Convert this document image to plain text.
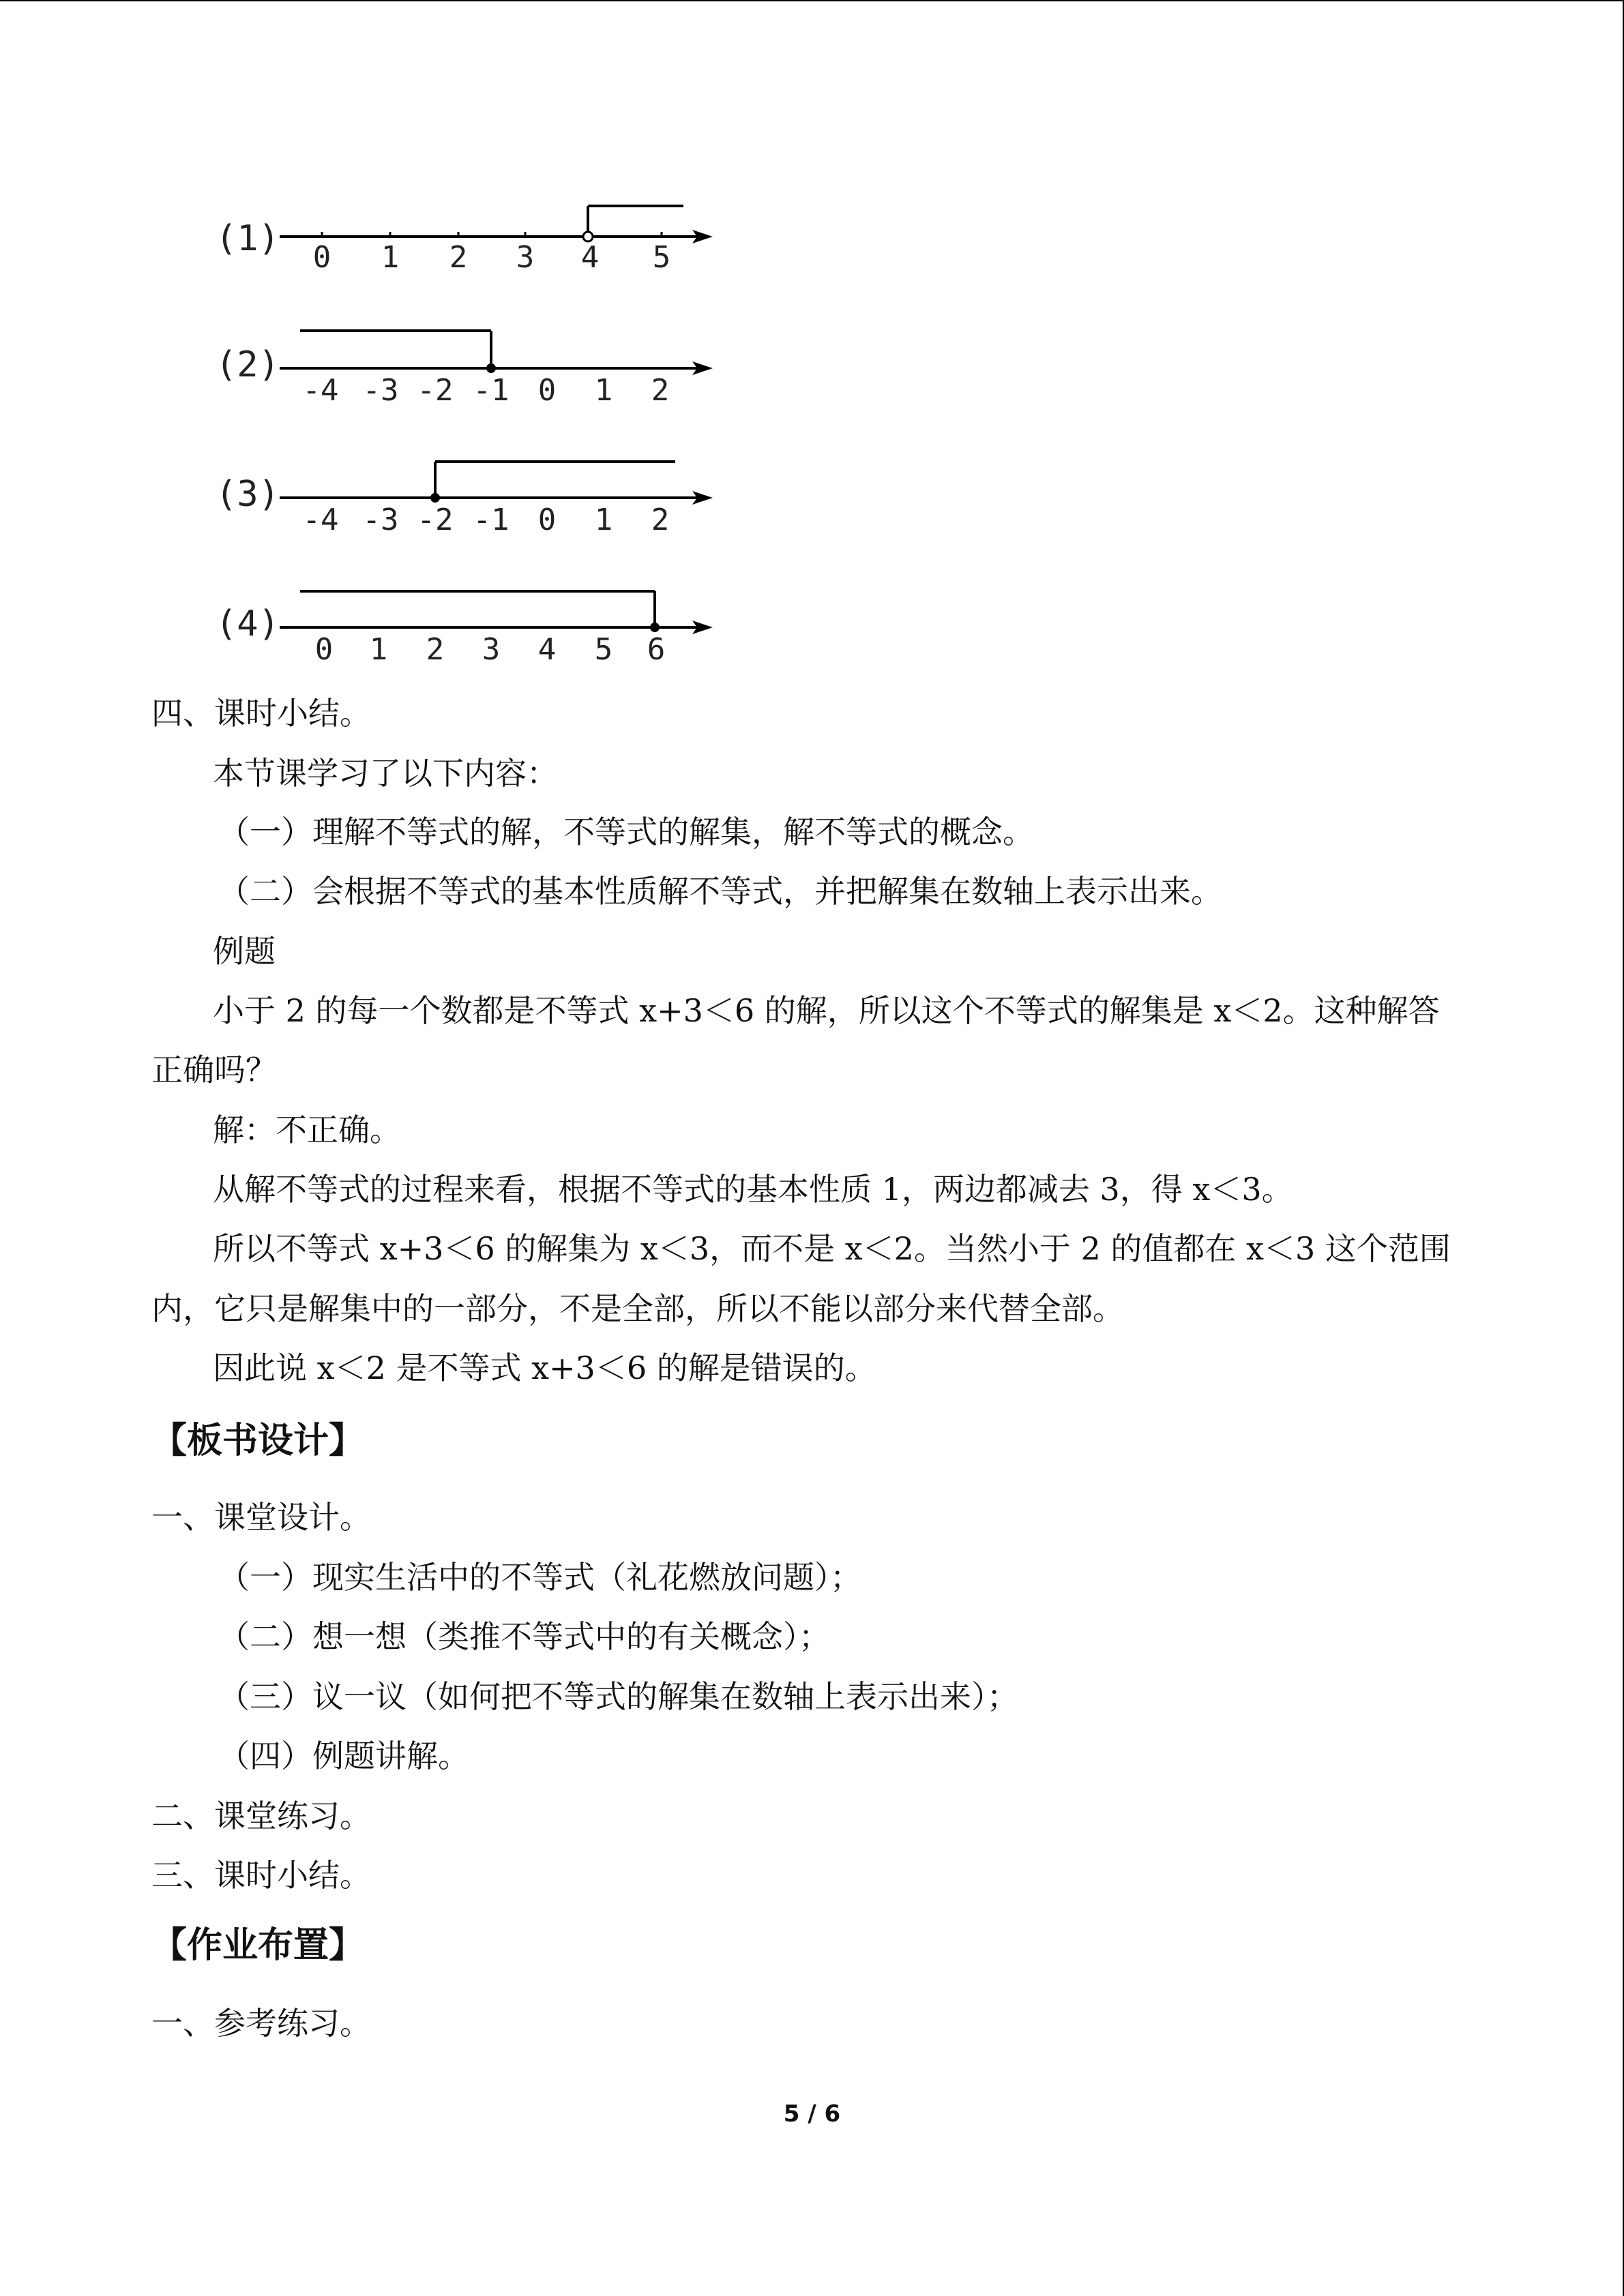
(1) 0 1 2 3 4 5
(2)
-4 -3 -2 -1 0 1 2
(3)
-4 -3 -2 -1 0 1 2
(4)
0 1 2 3 4 5 6
四、课时小结。
本节课学习了以下内容：
（一）理解不等式的解，不等式的解集，解不等式的概念。
（二）会根据不等式的基本性质解不等式，并把解集在数轴上表示出来。
例题
小于 2 的每一个数都是不等式 x+3＜6 的解，所以这个不等式的解集是 x＜2。这种解答
正确吗？
解：不正确。
从解不等式的过程来看，根据不等式的基本性质 1，两边都减去 3，得 x＜3。
所以不等式 x+3＜6 的解集为 x＜3，而不是 x＜2。当然小于 2 的值都在 x＜3 这个范围
内，它只是解集中的一部分，不是全部，所以不能以部分来代替全部。
因此说 x＜2 是不等式 x+3＜6 的解是错误的。
【板书设计】
一、课堂设计。
（一）现实生活中的不等式（礼花燃放问题）；
（二）想一想（类推不等式中的有关概念）；
（三）议一议（如何把不等式的解集在数轴上表示出来）；
（四）例题讲解。
二、课堂练习。
三、课时小结。
【作业布置】
一、参考练习。
5 / 6
